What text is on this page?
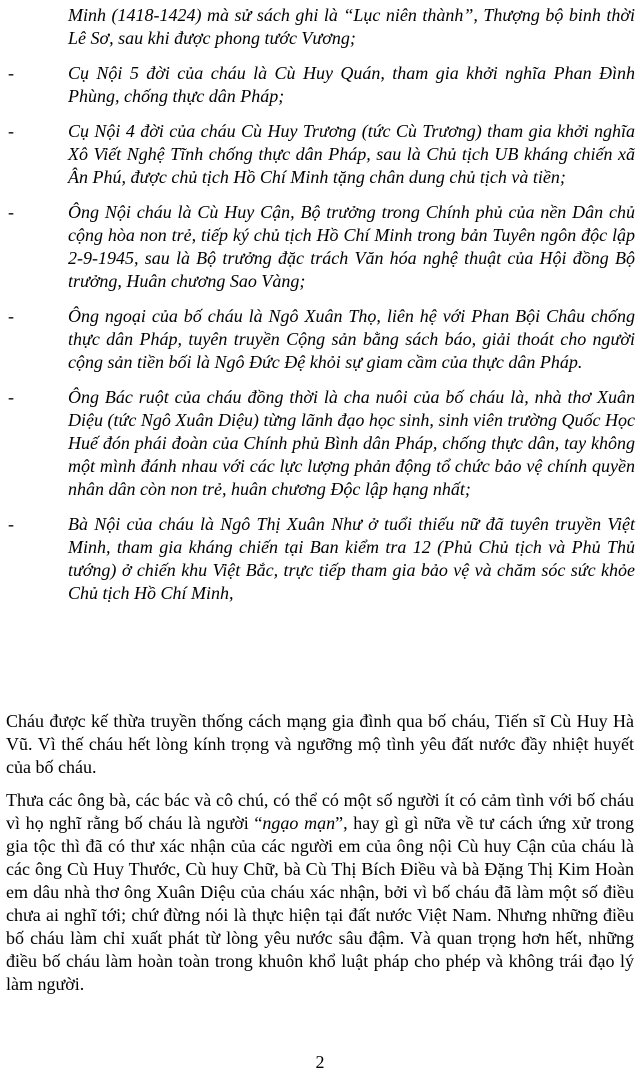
Minh (1418-1424) mà sử sách ghi là “Lục niên thành”, Thượng bộ binh thời Lê Sơ, sau khi được phong tước Vương;
-	Cụ Nội 5 đời của cháu là Cù Huy Quán, tham gia khởi nghĩa Phan Đình Phùng, chống thực dân Pháp;
-	Cụ Nội 4 đời của cháu Cù Huy Trương (tức Cù Trương) tham gia khởi nghĩa Xô Viết Nghệ Tĩnh chống thực dân Pháp, sau là Chủ tịch UB kháng chiến xã Ân Phú, được chủ tịch Hồ Chí Minh tặng chân dung chủ tịch và tiền;
-	Ông Nội cháu là Cù Huy Cận, Bộ trưởng trong Chính phủ của nền Dân chủ cộng hòa non trẻ, tiếp ký chủ tịch Hồ Chí Minh trong bản Tuyên ngôn độc lập 2-9-1945, sau là Bộ trưởng đặc trách Văn hóa nghệ thuật của Hội đồng Bộ trưởng, Huân chương Sao Vàng;
-	Ông ngoại của bố cháu là Ngô Xuân Thọ, liên hệ với Phan Bội Châu chống thực dân Pháp, tuyên truyền Cộng sản bằng sách báo, giải thoát cho người cộng sản tiền bối là Ngô Đức Đệ khỏi sự giam cầm của thực dân Pháp.
-	Ông Bác ruột của cháu đồng thời là cha nuôi của bố cháu là, nhà thơ Xuân Diệu (tức Ngô Xuân Diệu) từng lãnh đạo học sinh, sinh viên trường Quốc Học Huế đón phái đoàn của Chính phủ Bình dân Pháp, chống thực dân, tay không một mình đánh nhau với các lực lượng phản động tổ chức bảo vệ chính quyền nhân dân còn non trẻ, huân chương Độc lập hạng nhất;
-	Bà Nội của cháu là Ngô Thị Xuân Như ở tuổi thiếu nữ đã tuyên truyền Việt Minh, tham gia kháng chiến tại Ban kiểm tra 12 (Phủ Chủ tịch và Phủ Thủ tướng) ở chiến khu Việt Bắc, trực tiếp tham gia bảo vệ và chăm sóc sức khỏe Chủ tịch Hồ Chí Minh,

Cháu được kế thừa truyền thống cách mạng gia đình qua bố cháu, Tiến sĩ Cù Huy Hà Vũ. Vì thế cháu hết lòng kính trọng và ngưỡng mộ tình yêu đất nước đầy nhiệt huyết của bố cháu.

Thưa các ông bà, các bác và cô chú, có thể có một số người ít có cảm tình với bố cháu vì họ nghĩ rằng bố cháu là người “ngạo mạn”, hay gì gì nữa về tư cách ứng xử trong gia tộc thì đã có thư xác nhận của các người em của ông nội Cù huy Cận của cháu là các ông Cù Huy Thước, Cù huy Chữ, bà Cù Thị Bích Điều và bà Đặng Thị Kim Hoàn em dâu nhà thơ ông Xuân Diệu của cháu xác nhận, bởi vì bố cháu đã làm một số điều chưa ai nghĩ tới; chứ đừng nói là thực hiện tại đất nước Việt Nam. Nhưng những điều bố cháu làm chỉ xuất phát từ lòng yêu nước sâu đậm. Và quan trọng hơn hết, những điều bố cháu làm hoàn toàn trong khuôn khổ luật pháp cho phép và không trái đạo lý làm người.

2
